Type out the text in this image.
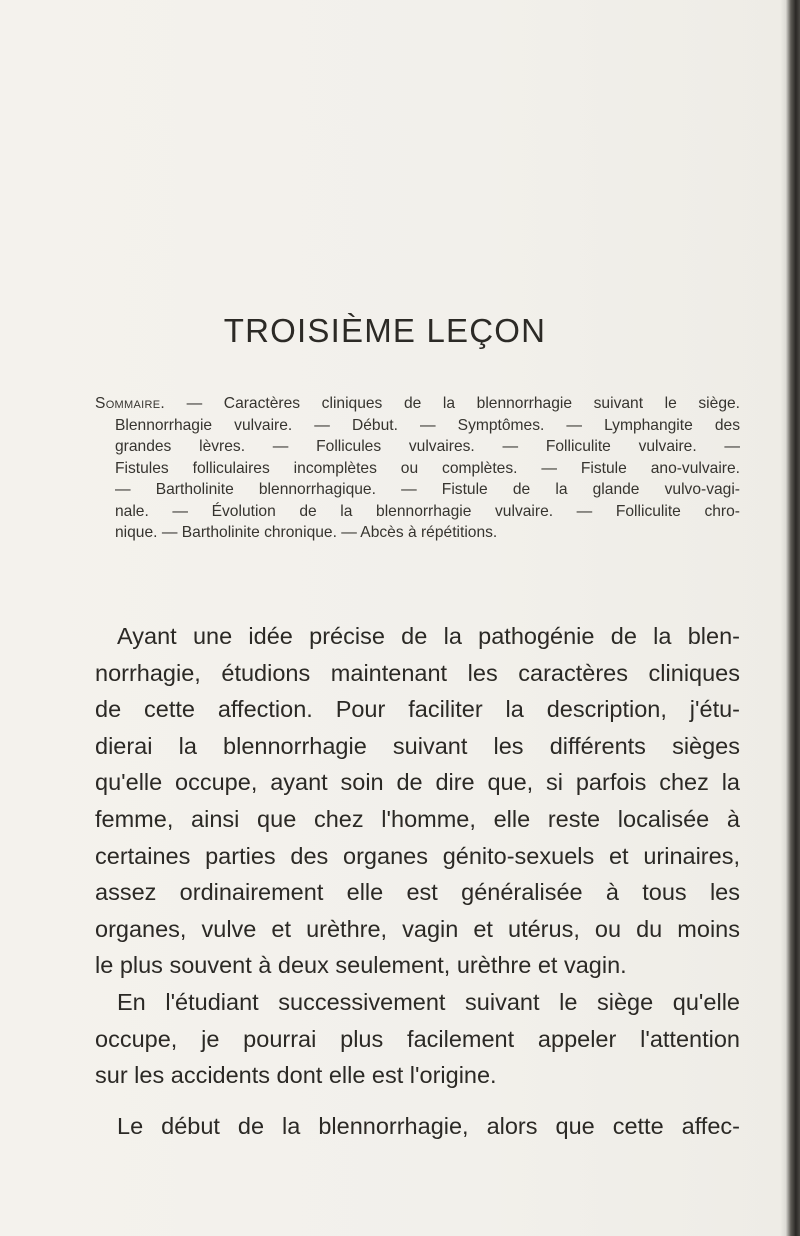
TROISIÈME LEÇON
Sommaire. — Caractères cliniques de la blennorrhagie suivant le siège.
Blennorrhagie vulvaire. — Début. — Symptômes. — Lymphangite des
grandes lèvres. — Follicules vulvaires. — Folliculite vulvaire. —
Fistules folliculaires incomplètes ou complètes. — Fistule ano-vulvaire.
— Bartholinite blennorrhagique. — Fistule de la glande vulvo-vagi-
nale. — Évolution de la blennorrhagie vulvaire. — Folliculite chro-
nique. — Bartholinite chronique. — Abcès à répétitions.
Ayant une idée précise de la pathogénie de la blen-
norrhagie, étudions maintenant les caractères cliniques
de cette affection. Pour faciliter la description, j'étu-
dierai la blennorrhagie suivant les différents sièges
qu'elle occupe, ayant soin de dire que, si parfois chez la
femme, ainsi que chez l'homme, elle reste localisée à
certaines parties des organes génito-sexuels et urinaires,
assez ordinairement elle est généralisée à tous les
organes, vulve et urèthre, vagin et utérus, ou du moins
le plus souvent à deux seulement, urèthre et vagin.
En l'étudiant successivement suivant le siège qu'elle
occupe, je pourrai plus facilement appeler l'attention
sur les accidents dont elle est l'origine.
Le début de la blennorrhagie, alors que cette affec-
